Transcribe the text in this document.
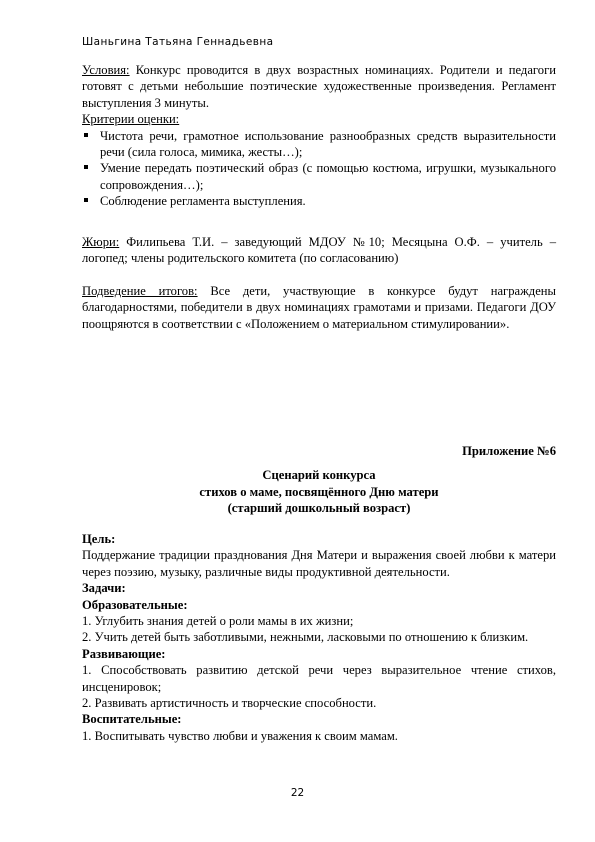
Шаньгина Татьяна Геннадьевна

Условия: Конкурс проводится в двух возрастных номинациях. Родители и педагоги готовят с детьми небольшие поэтические художественные произведения. Регламент выступления 3 минуты.

Критерии оценки:

Чистота речи, грамотное использование разнообразных средств выразительности речи (сила голоса, мимика, жесты…);
Умение передать поэтический образ (с помощью костюма, игрушки, музыкального сопровождения…);
Соблюдение регламента выступления.

Жюри: Филипьева Т.И. – заведующий МДОУ №10; Месяцына О.Ф. – учитель – логопед; члены родительского комитета (по согласованию)

Подведение итогов: Все дети, участвующие в конкурсе будут награждены благодарностями, победители в двух номинациях грамотами и призами. Педагоги ДОУ поощряются в соответствии с «Положением о материальном стимулировании».

Приложение №6

Сценарий конкурса

стихов о маме, посвящённого Дню матери

(старший дошкольный возраст)

Цель:

Поддержание традиции празднования Дня Матери и выражения своей любви к матери через поэзию, музыку, различные виды продуктивной деятельности.

Задачи:

Образовательные:

1. Углубить знания детей о роли мамы в их жизни;

2. Учить детей быть заботливыми, нежными, ласковыми по отношению к близким.

Развивающие:

1. Способствовать развитию детской речи через выразительное чтение стихов, инсценировок;

2. Развивать артистичность и творческие способности.

Воспитательные:

1. Воспитывать чувство любви и уважения к своим мамам.

22
